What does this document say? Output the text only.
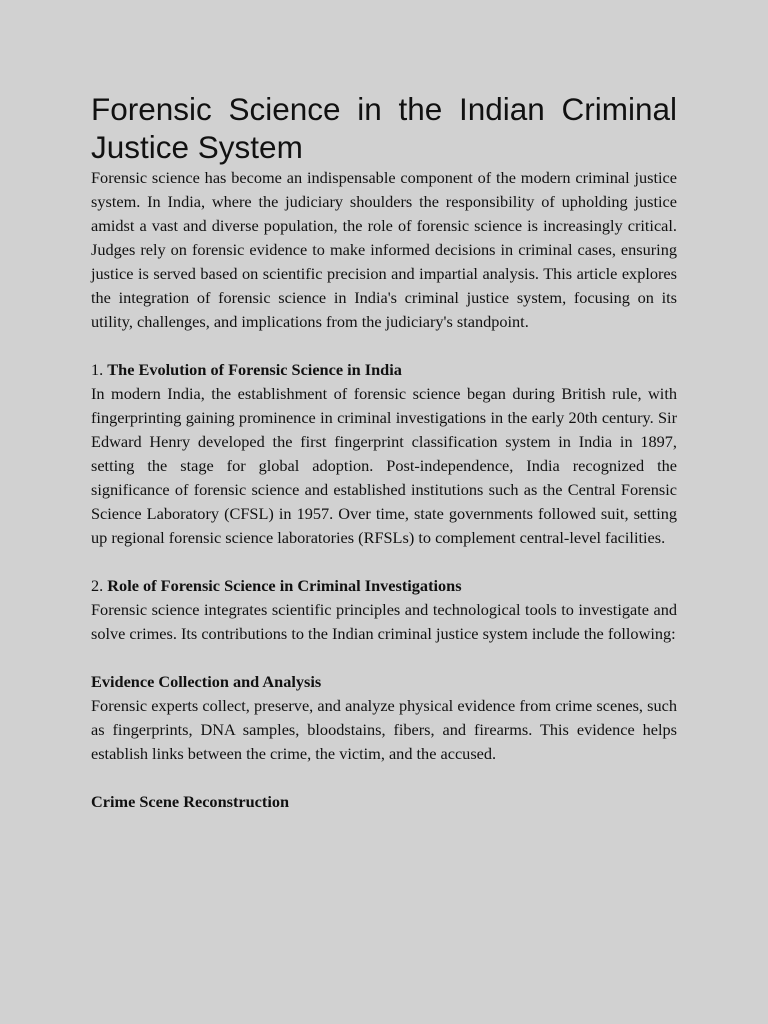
Forensic Science in the Indian Criminal Justice System

Forensic science has become an indispensable component of the modern criminal justice system. In India, where the judiciary shoulders the responsibility of upholding justice amidst a vast and diverse population, the role of forensic science is increasingly critical. Judges rely on forensic evidence to make informed decisions in criminal cases, ensuring justice is served based on scientific precision and impartial analysis. This article explores the integration of forensic science in India's criminal justice system, focusing on its utility, challenges, and implications from the judiciary's standpoint.

1. The Evolution of Forensic Science in India

In modern India, the establishment of forensic science began during British rule, with fingerprinting gaining prominence in criminal investigations in the early 20th century. Sir Edward Henry developed the first fingerprint classification system in India in 1897, setting the stage for global adoption. Post-independence, India recognized the significance of forensic science and established institutions such as the Central Forensic Science Laboratory (CFSL) in 1957. Over time, state governments followed suit, setting up regional forensic science laboratories (RFSLs) to complement central-level facilities.

2. Role of Forensic Science in Criminal Investigations

Forensic science integrates scientific principles and technological tools to investigate and solve crimes. Its contributions to the Indian criminal justice system include the following:

Evidence Collection and Analysis

Forensic experts collect, preserve, and analyze physical evidence from crime scenes, such as fingerprints, DNA samples, bloodstains, fibers, and firearms. This evidence helps establish links between the crime, the victim, and the accused.

Crime Scene Reconstruction
